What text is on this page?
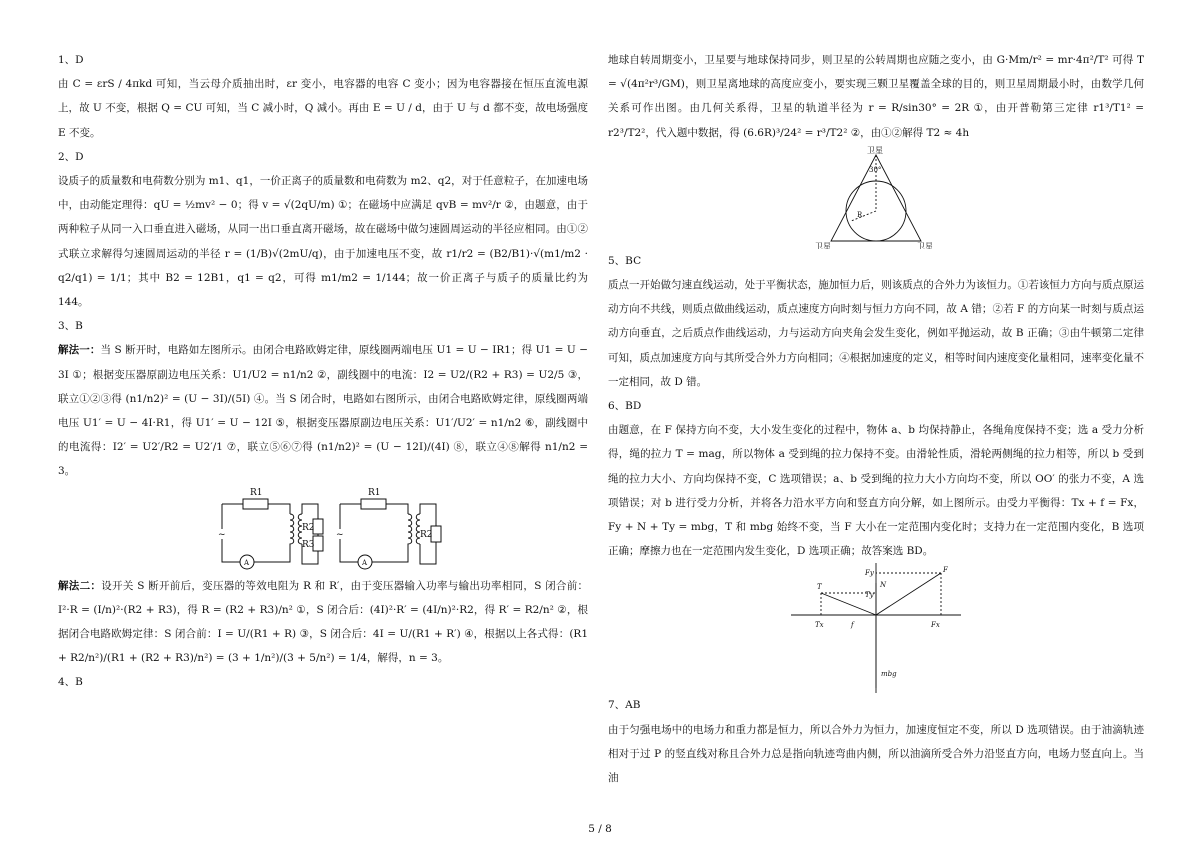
1、D

由 C = εrS / 4πkd 可知，当云母介质抽出时，εr 变小，电容器的电容 C 变小；因为电容器接在恒压直流电源上，故 U 不变，根据 Q = CU 可知，当 C 减小时，Q 减小。再由 E = U / d，由于 U 与 d 都不变，故电场强度 E 不变。

2、D

设质子的质量数和电荷数分别为 m1、q1，一价正离子的质量数和电荷数为 m2、q2，对于任意粒子，在加速电场中，由动能定理得：qU = ½mv² − 0；得 v = √(2qU/m) ①；在磁场中应满足 qvB = mv²/r ②，由题意，由于两种粒子从同一入口垂直进入磁场，从同一出口垂直离开磁场，故在磁场中做匀速圆周运动的半径应相同。由①②式联立求解得匀速圆周运动的半径 r = (1/B)√(2mU/q)，由于加速电压不变，故 r1/r2 = (B2/B1)·√(m1/m2 · q2/q1) = 1/1；其中 B2 = 12B1，q1 = q2，可得 m1/m2 = 1/144；故一价正离子与质子的质量比约为 144。

3、B

解法一：当 S 断开时，电路如左图所示。由闭合电路欧姆定律，原线圈两端电压 U1 = U − IR1；得 U1 = U − 3I ①；根据变压器原副边电压关系：U1/U2 = n1/n2 ②，副线圈中的电流：I2 = U2/(R2 + R3) = U2/5 ③，联立①②③得 (n1/n2)² = (U − 3I)/(5I) ④。当 S 闭合时，电路如右图所示，由闭合电路欧姆定律，原线圈两端电压 U1′ = U − 4I·R1，得 U1′ = U − 12I ⑤，根据变压器原副边电压关系：U1′/U2′ = n1/n2 ⑥，副线圈中的电流得：I2′ = U2′/R2 = U2′/1 ⑦，联立⑤⑥⑦得 (n1/n2)² = (U − 12I)/(4I) ⑧，联立④⑧解得 n1/n2 = 3。

~	~
R1	R1
R2
R3
R2
A	A

解法二：设开关 S 断开前后，变压器的等效电阻为 R 和 R′，由于变压器输入功率与输出功率相同，S 闭合前：I²·R = (I/n)²·(R2 + R3)，得 R = (R2 + R3)/n² ①，S 闭合后：(4I)²·R′ = (4I/n)²·R2，得 R′ = R2/n² ②，根据闭合电路欧姆定律：S 闭合前：I = U/(R1 + R) ③，S 闭合后：4I = U/(R1 + R′) ④，根据以上各式得：(R1 + R2/n²)/(R1 + (R2 + R3)/n²) = (3 + 1/n²)/(3 + 5/n²) = 1/4，解得，n = 3。

4、B

地球自转周期变小，卫星要与地球保持同步，则卫星的公转周期也应随之变小，由 G·Mm/r² = mr·4π²/T² 可得 T = √(4π²r³/GM)，则卫星离地球的高度应变小，要实现三颗卫星覆盖全球的目的，则卫星周期最小时，由数学几何关系可作出图。由几何关系得，卫星的轨道半径为 r = R/sin30° = 2R ①，由开普勒第三定律 r1³/T1² = r2³/T2²，代入题中数据，得 (6.6R)³/24² = r³/T2² ②，由①②解得 T2 ≈ 4h

卫星
卫星	卫星
30°
R

5、BC

质点一开始做匀速直线运动，处于平衡状态，施加恒力后，则该质点的合外力为该恒力。①若该恒力方向与质点原运动方向不共线，则质点做曲线运动，质点速度方向时刻与恒力方向不同，故 A 错；②若 F 的方向某一时刻与质点运动方向垂直，之后质点作曲线运动，力与运动方向夹角会发生变化，例如平抛运动，故 B 正确；③由牛顿第二定律可知，质点加速度方向与其所受合外力方向相同；④根据加速度的定义，相等时间内速度变化量相同，速率变化量不一定相同，故 D 错。

6、BD

由题意，在 F 保持方向不变，大小发生变化的过程中，物体 a、b 均保持静止，各绳角度保持不变；选 a 受力分析得，绳的拉力 T = mag，所以物体 a 受到绳的拉力保持不变。由滑轮性质，滑轮两侧绳的拉力相等，所以 b 受到绳的拉力大小、方向均保持不变，C 选项错误；a、b 受到绳的拉力大小方向均不变，所以 OO′ 的张力不变，A 选项错误；对 b 进行受力分析，并将各力沿水平方向和竖直方向分解，如上图所示。由受力平衡得：Tx + f = Fx，Fy + N + Ty = mbg，T 和 mbg 始终不变，当 F 大小在一定范围内变化时；支持力在一定范围内变化，B 选项正确；摩擦力也在一定范围内发生变化，D 选项正确；故答案选 BD。

F
T	N
Fy
Ty
Tx	f	Fx
mbg

7、AB

由于匀强电场中的电场力和重力都是恒力，所以合外力为恒力，加速度恒定不变，所以 D 选项错误。由于油滴轨迹相对于过 P 的竖直线对称且合外力总是指向轨迹弯曲内侧，所以油滴所受合外力沿竖直方向，电场力竖直向上。当油

5 / 8
